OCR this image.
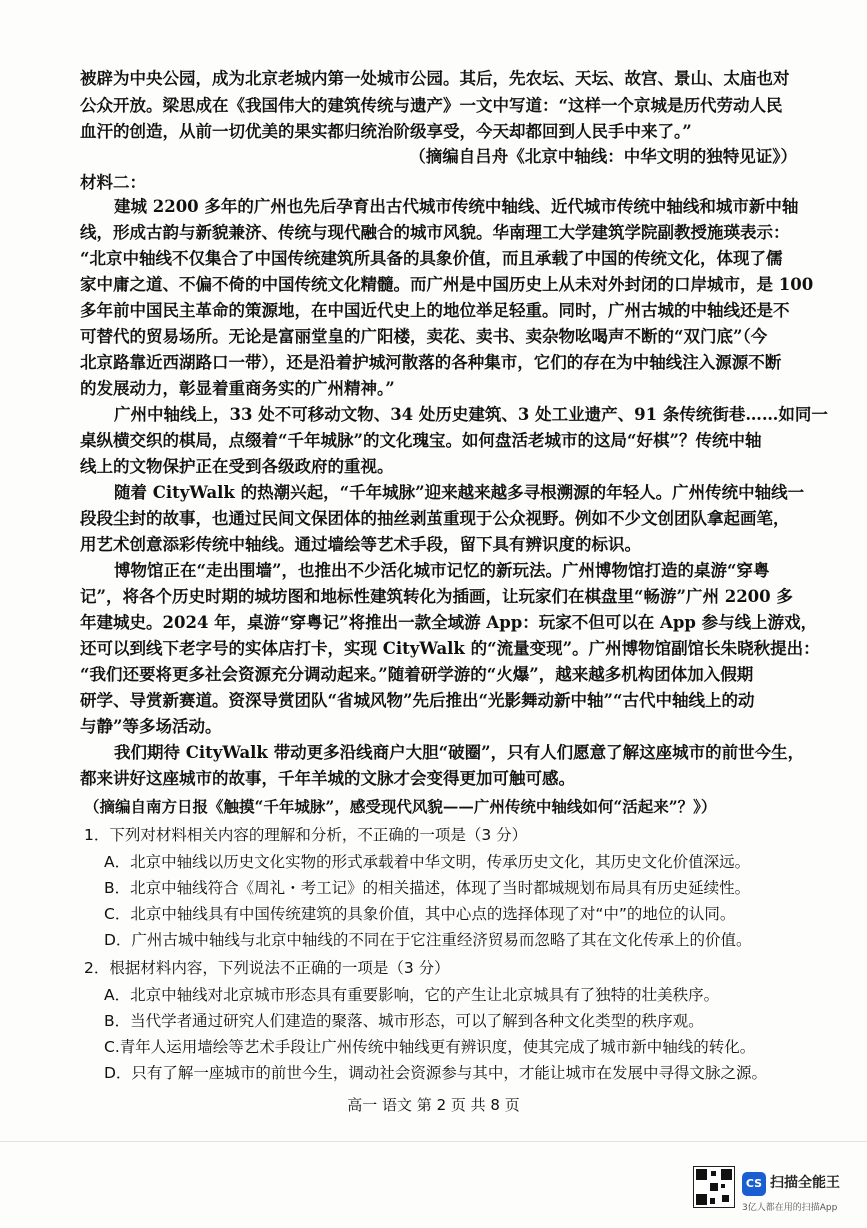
被辟为中央公园，成为北京老城内第一处城市公园。其后，先农坛、天坛、故宫、景山、太庙也对
公众开放。梁思成在《我国伟大的建筑传统与遗产》一文中写道：“这样一个京城是历代劳动人民
血汗的创造，从前一切优美的果实都归统治阶级享受，今天却都回到人民手中来了。”
（摘编自吕舟《北京中轴线：中华文明的独特见证》）
材料二：
建城 2200 多年的广州也先后孕育出古代城市传统中轴线、近代城市传统中轴线和城市新中轴
线，形成古韵与新貌兼济、传统与现代融合的城市风貌。华南理工大学建筑学院副教授施瑛表示：
“北京中轴线不仅集合了中国传统建筑所具备的具象价值，而且承载了中国的传统文化，体现了儒
家中庸之道、不偏不倚的中国传统文化精髓。而广州是中国历史上从未对外封闭的口岸城市，是 100
多年前中国民主革命的策源地，在中国近代史上的地位举足轻重。同时，广州古城的中轴线还是不
可替代的贸易场所。无论是富丽堂皇的广阳楼，卖花、卖书、卖杂物吆喝声不断的“双门底”（今
北京路靠近西湖路口一带），还是沿着护城河散落的各种集市，它们的存在为中轴线注入源源不断
的发展动力，彰显着重商务实的广州精神。”
广州中轴线上，33 处不可移动文物、34 处历史建筑、3 处工业遗产、91 条传统街巷……如同一
桌纵横交织的棋局，点缀着“千年城脉”的文化瑰宝。如何盘活老城市的这局“好棋”？传统中轴
线上的文物保护正在受到各级政府的重视。
随着 CityWalk 的热潮兴起，“千年城脉”迎来越来越多寻根溯源的年轻人。广州传统中轴线一
段段尘封的故事，也通过民间文保团体的抽丝剥茧重现于公众视野。例如不少文创团队拿起画笔，
用艺术创意添彩传统中轴线。通过墙绘等艺术手段，留下具有辨识度的标识。
博物馆正在“走出围墙”，也推出不少活化城市记忆的新玩法。广州博物馆打造的桌游“穿粤
记”，将各个历史时期的城坊图和地标性建筑转化为插画，让玩家们在棋盘里“畅游”广州 2200 多
年建城史。2024 年，桌游“穿粤记”将推出一款全域游 App：玩家不但可以在 App 参与线上游戏，
还可以到线下老字号的实体店打卡，实现 CityWalk 的“流量变现”。广州博物馆副馆长朱晓秋提出：
“我们还要将更多社会资源充分调动起来。”随着研学游的“火爆”，越来越多机构团体加入假期
研学、导赏新赛道。资深导赏团队“省城风物”先后推出“光影舞动新中轴”“古代中轴线上的动
与静”等多场活动。
我们期待 CityWalk 带动更多沿线商户大胆“破圈”，只有人们愿意了解这座城市的前世今生，
都来讲好这座城市的故事，千年羊城的文脉才会变得更加可触可感。
（摘编自南方日报《触摸“千年城脉”，感受现代风貌——广州传统中轴线如何“活起来”？》）
1．下列对材料相关内容的理解和分析，不正确的一项是（3 分）
A．北京中轴线以历史文化实物的形式承载着中华文明，传承历史文化，其历史文化价值深远。
B．北京中轴线符合《周礼・考工记》的相关描述，体现了当时都城规划布局具有历史延续性。
C．北京中轴线具有中国传统建筑的具象价值，其中心点的选择体现了对“中”的地位的认同。
D．广州古城中轴线与北京中轴线的不同在于它注重经济贸易而忽略了其在文化传承上的价值。
2．根据材料内容，下列说法不正确的一项是（3 分）
A．北京中轴线对北京城市形态具有重要影响，它的产生让北京城具有了独特的壮美秩序。
B．当代学者通过研究人们建造的聚落、城市形态，可以了解到各种文化类型的秩序观。
C.青年人运用墙绘等艺术手段让广州传统中轴线更有辨识度，使其完成了城市新中轴线的转化。
D．只有了解一座城市的前世今生，调动社会资源参与其中，才能让城市在发展中寻得文脉之源。
高一 语文 第 2 页 共 8 页
CS 扫描全能王
3亿人都在用的扫描App
